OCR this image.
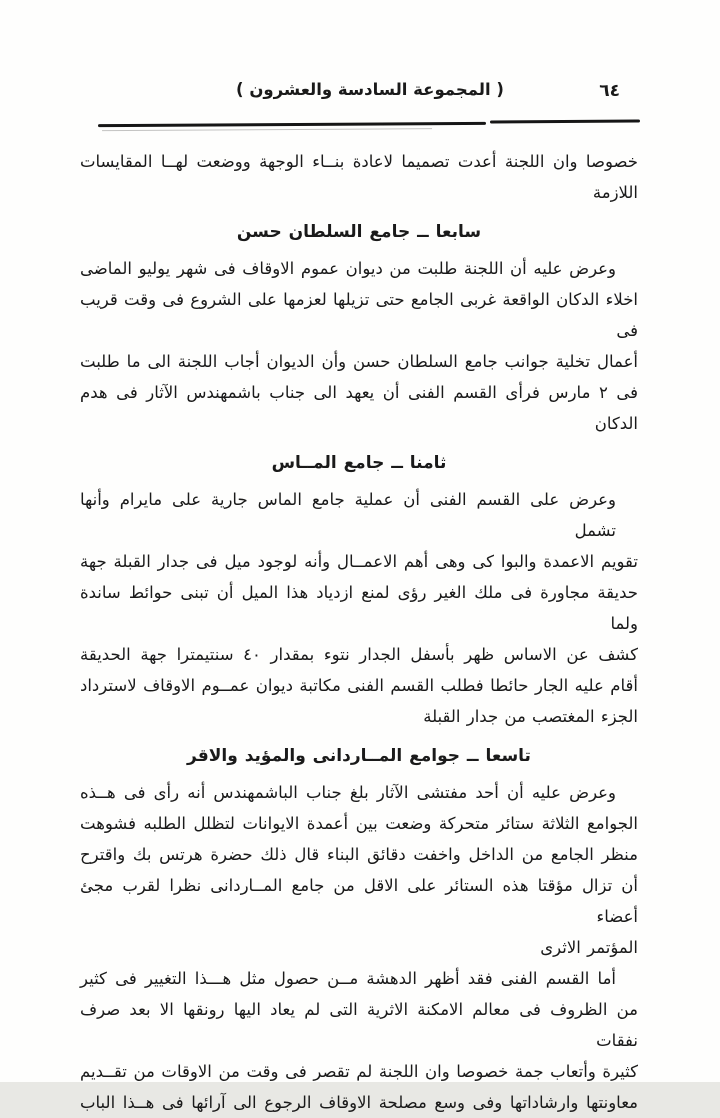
( المجموعة السادسة والعشرون )	٦٤
خصوصا وان اللجنة أعدت تصميما لاعادة بنــاء الوجهة ووضعت لهــا المقايسات
اللازمة
سابعا ــ جامع السلطان حسن
وعرض عليه أن اللجنة طلبت من ديوان عموم الاوقاف فى شهر يوليو الماضى
اخلاء الدكان الواقعة غربى الجامع حتى تزيلها لعزمها على الشروع فى وقت قريب فى
أعمال تخلية جوانب جامع السلطان حسن وأن الديوان أجاب اللجنة الى ما طلبت
فى ٢ مارس فرأى القسم الفنى أن يعهد الى جناب باشمهندس الآثار فى هدم الدكان
ثامنا ــ جامع المــاس
وعرض على القسم الفنى أن عملية جامع الماس جارية على مايرام وأنها تشمل
تقويم الاعمدة والبوا كى وهى أهم الاعمــال وأنه لوجود ميل فى جدار القبلة جهة
حديقة مجاورة فى ملك الغير رؤى لمنع ازدياد هذا الميل أن تبنى حوائط ساندة ولما
كشف عن الاساس ظهر بأسفل الجدار نتوء بمقدار ٤٠ سنتيمترا جهة الحديقة
أقام عليه الجار حائطا فطلب القسم الفنى مكاتبة ديوان عمــوم الاوقاف لاسترداد
الجزء المغتصب من جدار القبلة
تاسعا ــ جوامع المــاردانى والمؤيد والاقر
وعرض عليه أن أحد مفتشى الآثار بلغ جناب الباشمهندس أنه رأى فى هــذه
الجوامع الثلاثة ستائر متحركة وضعت بين أعمدة الايوانات لتظلل الطلبه فشوهت
منظر الجامع من الداخل واخفت دقائق البناء قال ذلك حضرة هرتس بك واقترح
أن تزال مؤقتا هذه الستائر على الاقل من جامع المــاردانى نظرا لقرب مجئ أعضاء
المؤتمر الاثرى
أما القسم الفنى فقد أظهر الدهشة مــن حصول مثل هـــذا التغيير فى كثير
من الظروف فى معالم الامكنة الاثرية التى لم يعاد اليها رونقها الا بعد صرف نفقات
كثيرة وأتعاب جمة خصوصا وان اللجنة لم تقصر فى وقت من الاوقات من تقــديم
معاونتها وارشاداتها وفى وسع مصلحة الاوقاف الرجوع الى آرائها فى هــذا الباب
